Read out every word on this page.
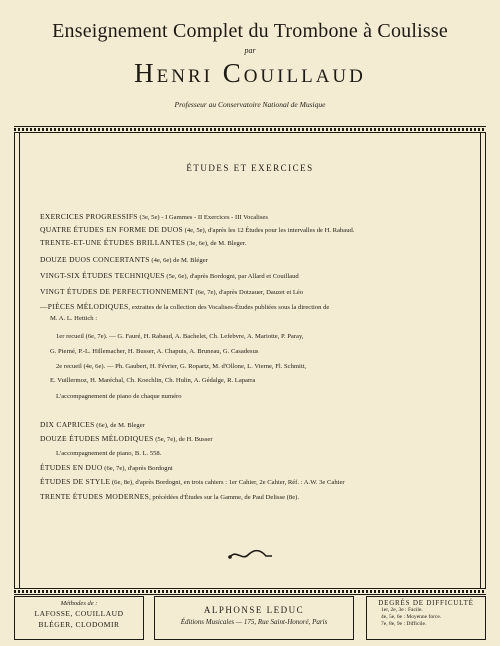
Enseignement Complet du Trombone à Coulisse
par
Henri Couillaud
Professeur au Conservatoire National de Musique
ÉTUDES ET EXERCICES
EXERCICES PROGRESSIFS (3e, 5e) - I Gammes - II Exercices - III Vocalises
QUATRE ÉTUDES EN FORME DE DUOS (4e, 5e), d'après les 12 Études pour les intervalles de H. Rabaud.
TRENTE-ET-UNE ÉTUDES BRILLANTES (3e, 6e), de M. Bleger.
DOUZE DUOS CONCERTANTS (4e, 6e) de M. Bléger
VINGT-SIX ÉTUDES TECHNIQUES (5e, 6e), d'après Bordogni, par Allard et Couillaud
VINGT ÉTUDES DE PERFECTIONNEMENT (6e, 7e), d'après Dotzauer, Dauzet et Léo
—PIÈCES MÉLODIQUES, extraites de la collection des Vocalises-Études publiées sous la direction de
M. A. L. Hettich :
1er recueil (6e, 7e). — G. Fauré, H. Rabaud, A. Bachelet, Ch. Lefebvre, A. Mariotte, P. Paray,
G. Pierné, P.-L. Hillemacher, H. Busser, A. Chapuis, A. Bruneau, G. Casadesus
2e recueil (4e, 6e). — Ph. Gaubert, H. Février, G. Ropartz, M. d'Ollone, L. Vierne, Fl. Schmitt,
E. Vuillermoz, H. Maréchal, Ch. Koechlin, Ch. Hulin, A. Gédalge, R. Laparra
L'accompagnement de piano de chaque numéro
DIX CAPRICES (6e), de M. Bleger
DOUZE ÉTUDES MÉLODIQUES (5e, 7e), de H. Busser
L'accompagnement de piano, B. L. 558.
ÉTUDES EN DUO (6e, 7e), d'après Bordogni
ÉTUDES DE STYLE (6e, 8e), d'après Bordogni, en trois cahiers : 1er Cahier, 2e Cahier, Réf. : A.W. 3e Cahier
TRENTE ÉTUDES MODERNES, précédées d'Études sur la Gamme, de Paul Delisse (8e).
Méthodes de :
LAFOSSE, COUILLAUD
BLÉGER, CLODOMIR
ALPHONSE LEDUC
Éditions Musicales — 175, Rue Saint-Honoré, Paris
DEGRÉS DE DIFFICULTÉ
1er, 2e, 3e : Facile.
4e, 5e, 6e : Moyenne force.
7e, 8e, 9e : Difficile.
